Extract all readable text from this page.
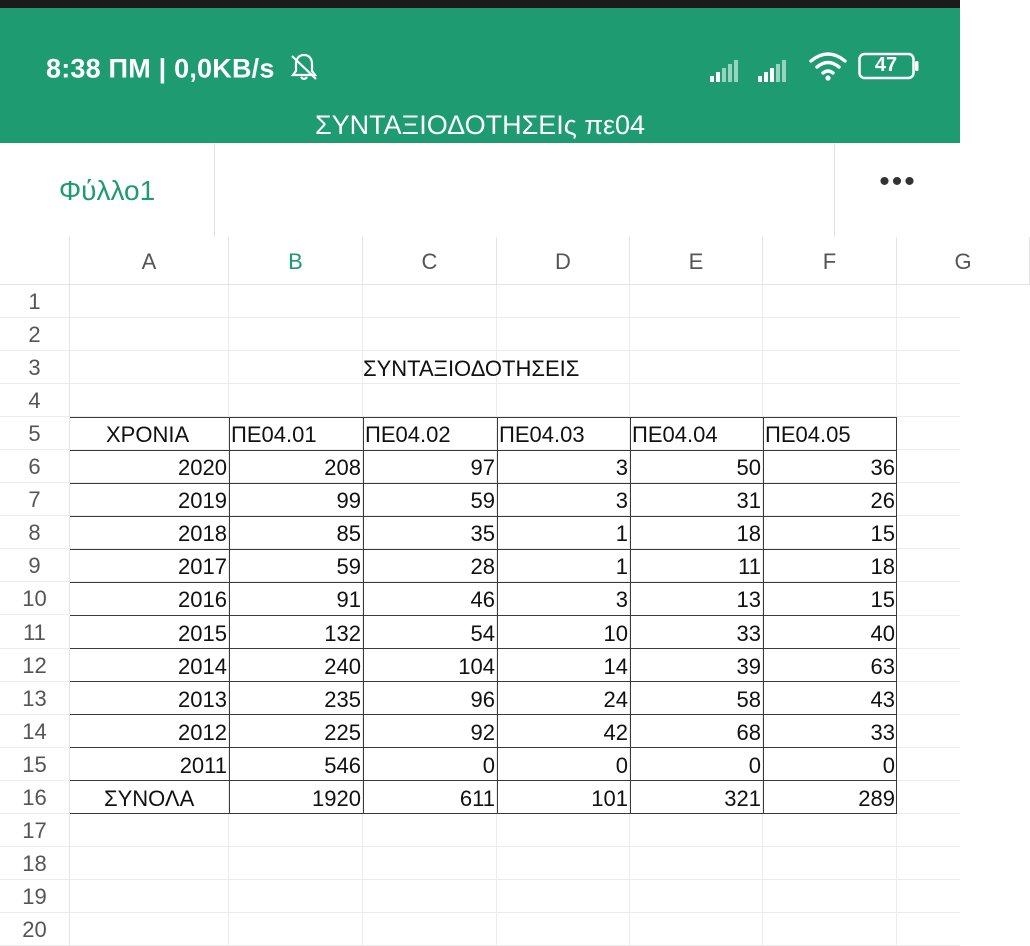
8:38 ΠΜ | 0,0KB/s	47
ΣΥΝΤΑΞΙΟΔΟΤΗΣΕΙς πε04
Φύλλο1	•••
A	B	C	D	E	F	G
1
2
3
4
5
6
7
8
9
10
11
12
13
14
15
16
17
18
19
20
ΣΥΝΤΑΞΙΟΔΟΤΗΣΕΙΣ
ΧΡΟΝΙΑ	ΠΕ04.01	ΠΕ04.02	ΠΕ04.03	ΠΕ04.04	ΠΕ04.05
2020	208	97	3	50	36
2019	99	59	3	31	26
2018	85	35	1	18	15
2017	59	28	1	11	18
2016	91	46	3	13	15
2015	132	54	10	33	40
2014	240	104	14	39	63
2013	235	96	24	58	43
2012	225	92	42	68	33
2011	546	0	0	0	0
ΣΥΝΟΛΑ	1920	611	101	321	289
